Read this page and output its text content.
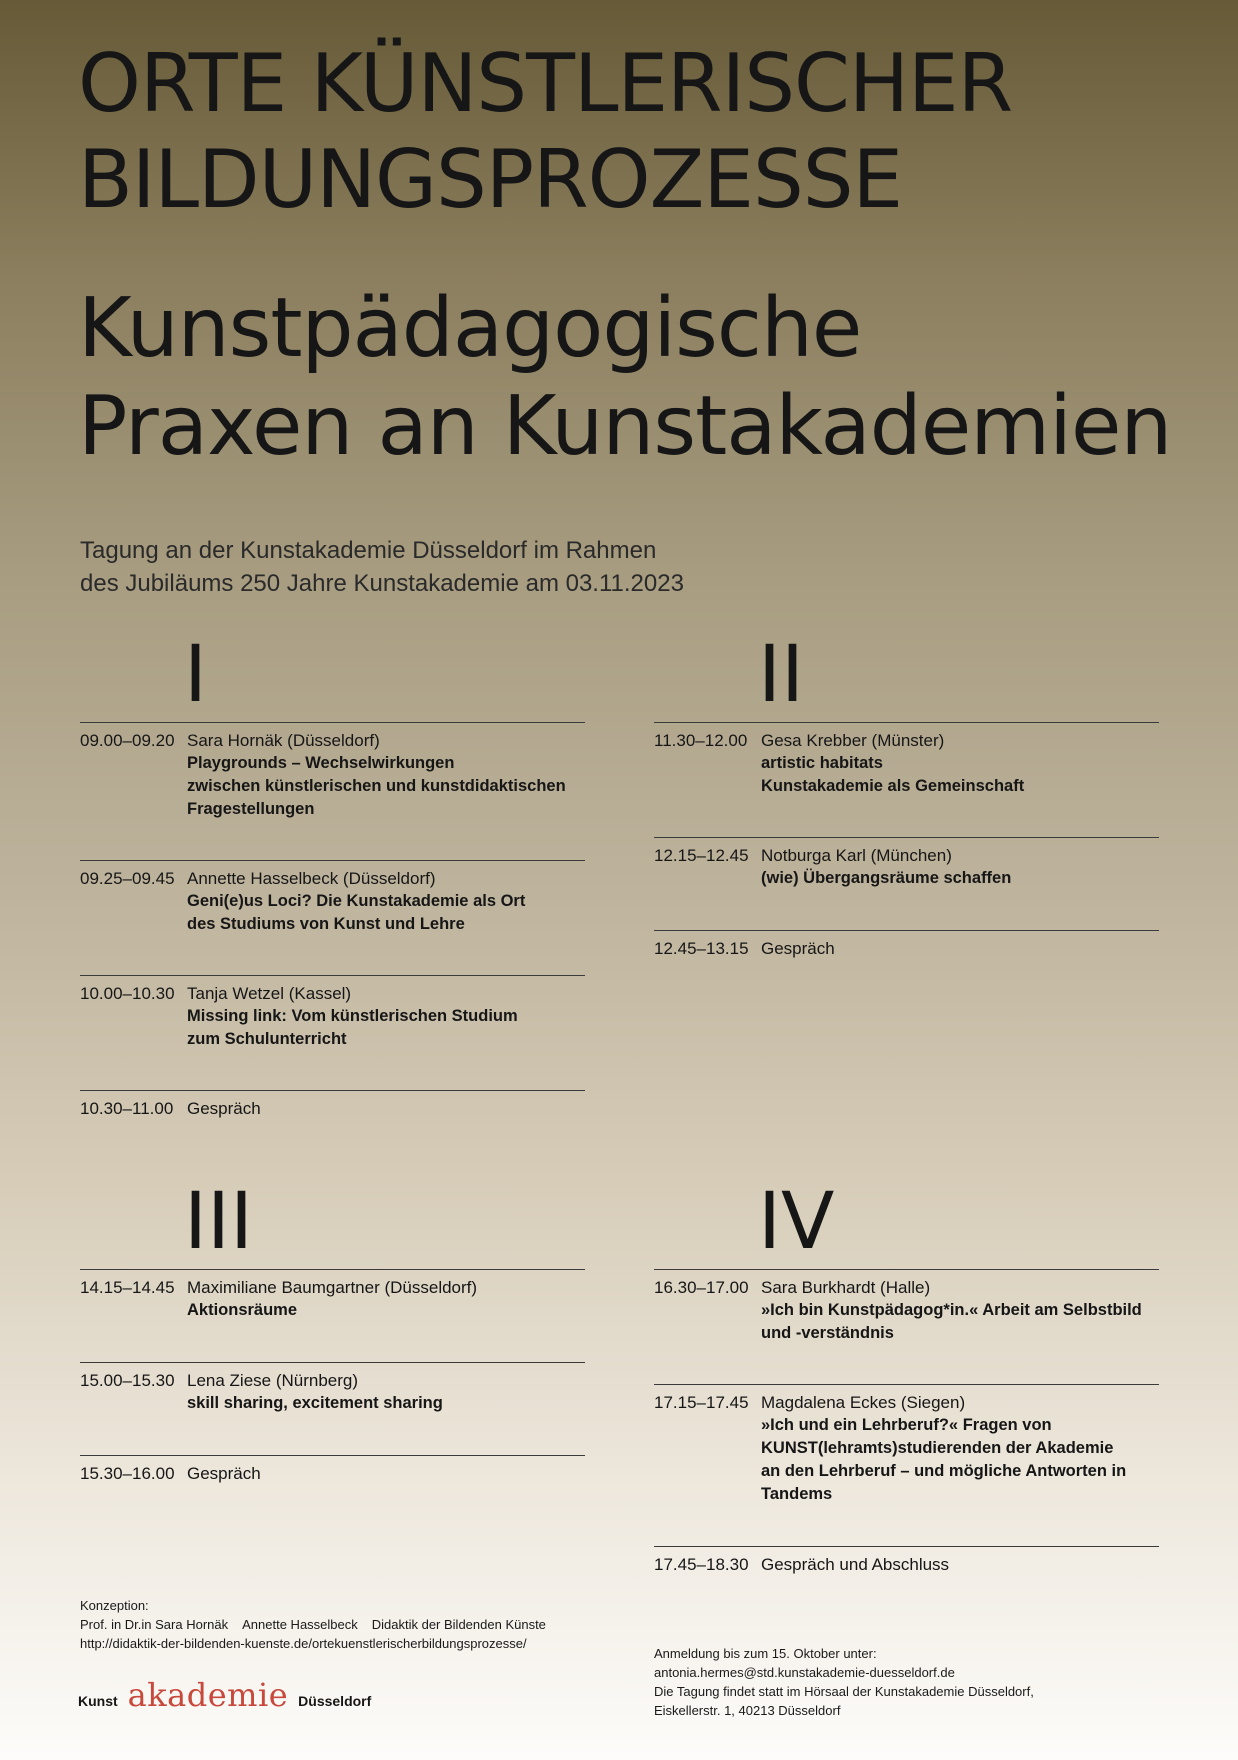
ORTE KÜNSTLERISCHER
BILDUNGSPROZESSE
Kunstpädagogische
Praxen an Kunstakademien
Tagung an der Kunstakademie Düsseldorf im Rahmen
des Jubiläums 250 Jahre Kunstakademie am 03.11.2023
I
09.00–09.20 Sara Hornäk (Düsseldorf)
Playgrounds – Wechselwirkungen
zwischen künstlerischen und kunstdidaktischen
Fragestellungen
09.25–09.45 Annette Hasselbeck (Düsseldorf)
Geni(e)us Loci? Die Kunstakademie als Ort
des Studiums von Kunst und Lehre
10.00–10.30 Tanja Wetzel (Kassel)
Missing link: Vom künstlerischen Studium
zum Schulunterricht
10.30–11.00 Gespräch
II
11.30–12.00 Gesa Krebber (Münster)
artistic habitats
Kunstakademie als Gemeinschaft
12.15–12.45 Notburga Karl (München)
(wie) Übergangsräume schaffen
12.45–13.15 Gespräch
III
14.15–14.45 Maximiliane Baumgartner (Düsseldorf)
Aktionsräume
15.00–15.30 Lena Ziese (Nürnberg)
skill sharing, excitement sharing
15.30–16.00 Gespräch
IV
16.30–17.00 Sara Burkhardt (Halle)
»Ich bin Kunstpädagog*in.« Arbeit am Selbstbild
und -verständnis
17.15–17.45 Magdalena Eckes (Siegen)
»Ich und ein Lehrberuf?« Fragen von
KUNST(lehramts)studierenden der Akademie
an den Lehrberuf – und mögliche Antworten in
Tandems
17.45–18.30 Gespräch und Abschluss
Konzeption:
Prof. in Dr.in Sara Hornäk Annette Hasselbeck Didaktik der Bildenden Künste
http://didaktik-der-bildenden-kuenste.de/ortekuenstlerischerbildungsprozesse/
Kunst akademie Düsseldorf
Anmeldung bis zum 15. Oktober unter:
antonia.hermes@std.kunstakademie-duesseldorf.de
Die Tagung findet statt im Hörsaal der Kunstakademie Düsseldorf,
Eiskellerstr. 1, 40213 Düsseldorf
